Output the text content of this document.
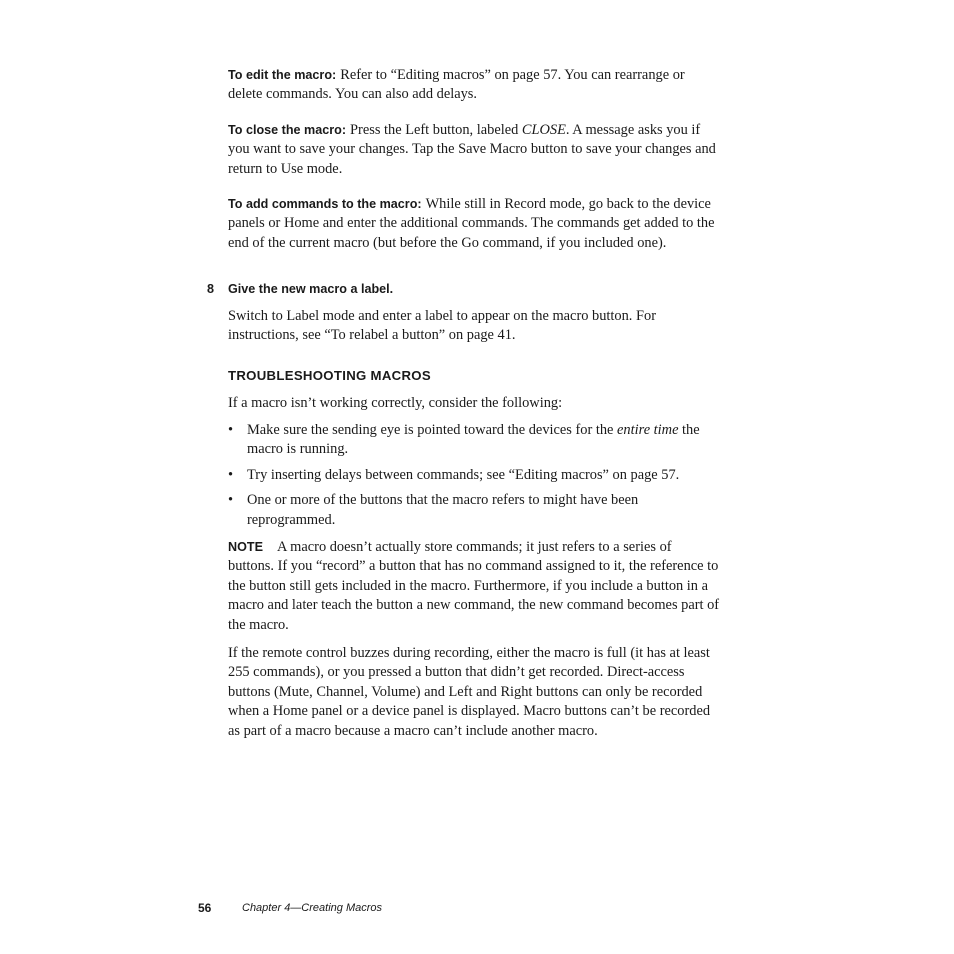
To edit the macro: Refer to “Editing macros” on page 57. You can rearrange or delete commands. You can also add delays.

To close the macro: Press the Left button, labeled CLOSE. A message asks you if you want to save your changes. Tap the Save Macro button to save your changes and return to Use mode.

To add commands to the macro: While still in Record mode, go back to the device panels or Home and enter the additional commands. The commands get added to the end of the current macro (but before the Go command, if you included one).

8 Give the new macro a label.

Switch to Label mode and enter a label to appear on the macro button. For instructions, see “To relabel a button” on page 41.

TROUBLESHOOTING MACROS

If a macro isn’t working correctly, consider the following:

• Make sure the sending eye is pointed toward the devices for the entire time the macro is running.
• Try inserting delays between commands; see “Editing macros” on page 57.
• One or more of the buttons that the macro refers to might have been reprogrammed.

NOTE A macro doesn’t actually store commands; it just refers to a series of buttons. If you “record” a button that has no command assigned to it, the reference to the button still gets included in the macro. Furthermore, if you include a button in a macro and later teach the button a new command, the new command becomes part of the macro.

If the remote control buzzes during recording, either the macro is full (it has at least 255 commands), or you pressed a button that didn’t get recorded. Direct-access buttons (Mute, Channel, Volume) and Left and Right buttons can only be recorded when a Home panel or a device panel is displayed. Macro buttons can’t be recorded as part of a macro because a macro can’t include another macro.

56	Chapter 4—Creating Macros
